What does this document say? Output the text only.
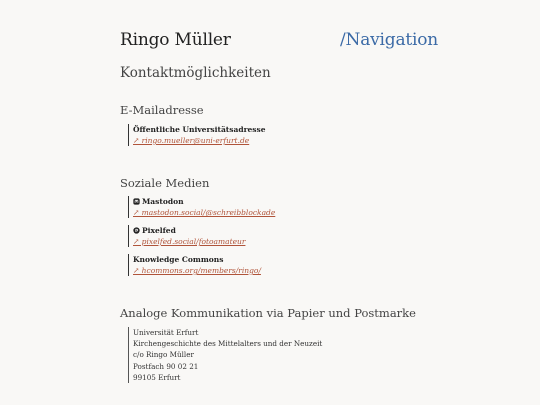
Ringo Müller	/Navigation
Kontaktmöglichkeiten
E-Mailadresse
Öffentliche Universitätsadresse
↗ ringo.mueller@uni-erfurt.de
Soziale Medien
Mastodon
↗ mastodon.social/@schreibblockade
Pixelfed
↗ pixelfed.social/fotoamateur
Knowledge Commons
↗ hcommons.org/members/ringo/
Analoge Kommunikation via Papier und Postmarke
Universität Erfurt
Kirchengeschichte des Mittelalters und der Neuzeit
c/o Ringo Müller
Postfach 90 02 21
99105 Erfurt
